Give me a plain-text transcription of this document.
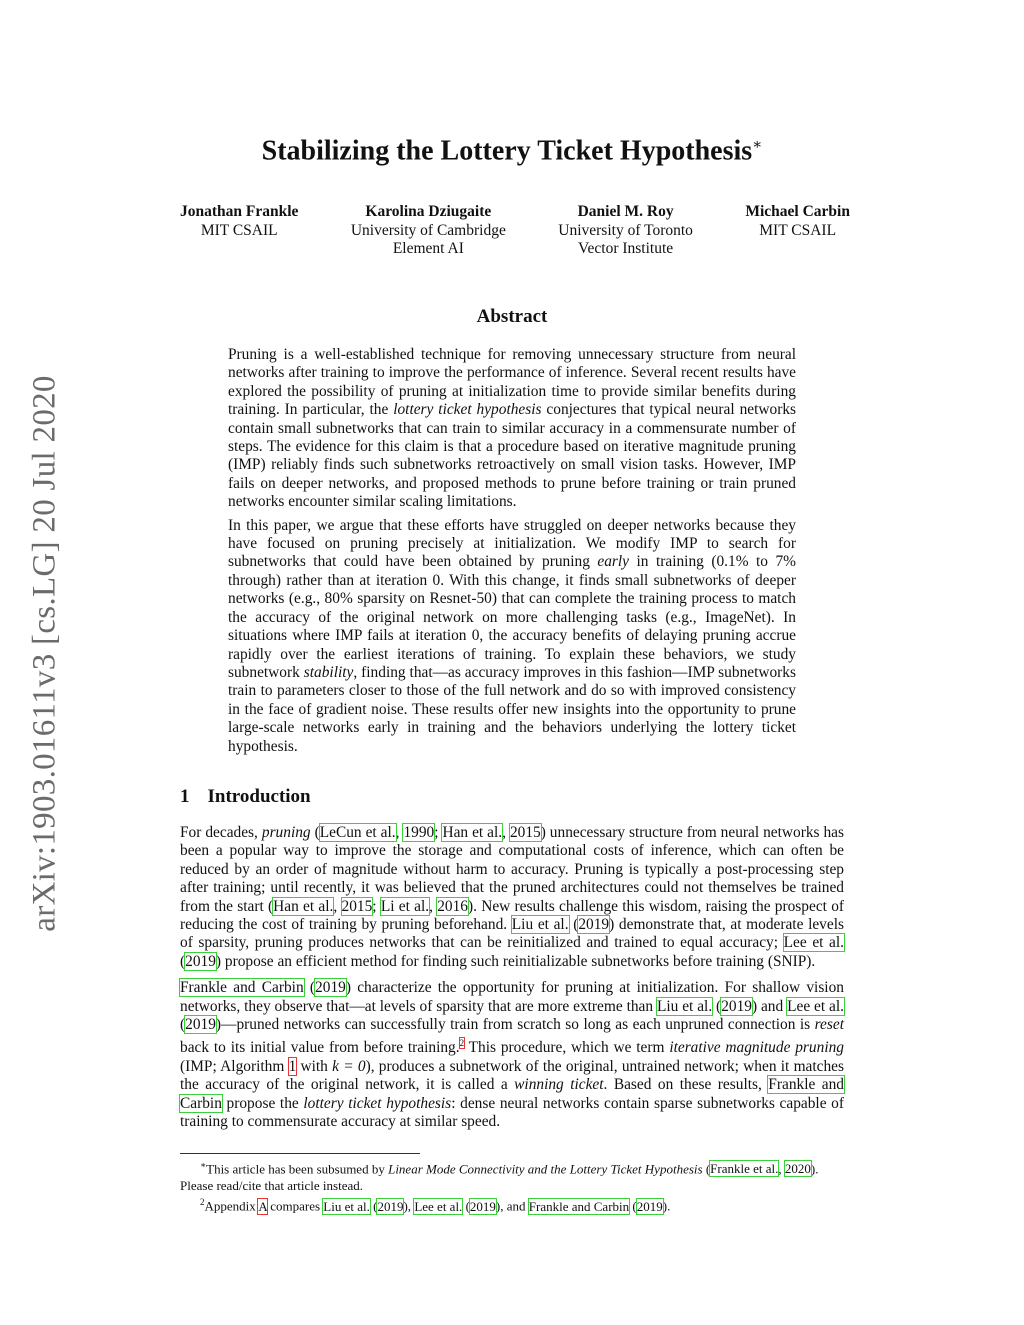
arXiv:1903.01611v3 [cs.LG] 20 Jul 2020
Stabilizing the Lottery Ticket Hypothesis∗
Jonathan Frankle
MIT CSAIL
Karolina Dziugaite
University of Cambridge
Element AI
Daniel M. Roy
University of Toronto
Vector Institute
Michael Carbin
MIT CSAIL
Abstract

Pruning is a well-established technique for removing unnecessary structure from neural networks after training to improve the performance of inference. Several recent results have explored the possibility of pruning at initialization time to provide similar benefits during training. In particular, the lottery ticket hypothesis conjectures that typical neural networks contain small subnetworks that can train to similar accuracy in a commensurate number of steps. The evidence for this claim is that a procedure based on iterative magnitude pruning (IMP) reliably finds such subnetworks retroactively on small vision tasks. However, IMP fails on deeper networks, and proposed methods to prune before training or train pruned networks encounter similar scaling limitations.

In this paper, we argue that these efforts have struggled on deeper networks because they have focused on pruning precisely at initialization. We modify IMP to search for subnetworks that could have been obtained by pruning early in training (0.1% to 7% through) rather than at iteration 0. With this change, it finds small subnetworks of deeper networks (e.g., 80% sparsity on Resnet-50) that can complete the training process to match the accuracy of the original network on more challenging tasks (e.g., ImageNet). In situations where IMP fails at iteration 0, the accuracy benefits of delaying pruning accrue rapidly over the earliest iterations of training. To explain these behaviors, we study subnetwork stability, finding that—as accuracy improves in this fashion—IMP subnetworks train to parameters closer to those of the full network and do so with improved consistency in the face of gradient noise. These results offer new insights into the opportunity to prune large-scale networks early in training and the behaviors underlying the lottery ticket hypothesis.

1 Introduction

For decades, pruning (LeCun et al., 1990; Han et al., 2015) unnecessary structure from neural networks has been a popular way to improve the storage and computational costs of inference, which can often be reduced by an order of magnitude without harm to accuracy. Pruning is typically a post-processing step after training; until recently, it was believed that the pruned architectures could not themselves be trained from the start (Han et al., 2015; Li et al., 2016). New results challenge this wisdom, raising the prospect of reducing the cost of training by pruning beforehand. Liu et al. (2019) demonstrate that, at moderate levels of sparsity, pruning produces networks that can be reinitialized and trained to equal accuracy; Lee et al. (2019) propose an efficient method for finding such reinitializable subnetworks before training (SNIP).

Frankle and Carbin (2019) characterize the opportunity for pruning at initialization. For shallow vision networks, they observe that—at levels of sparsity that are more extreme than Liu et al. (2019) and Lee et al. (2019)—pruned networks can successfully train from scratch so long as each unpruned connection is reset back to its initial value from before training.$^2$ This procedure, which we term iterative magnitude pruning (IMP; Algorithm 1 with k = 0), produces a subnetwork of the original, untrained network; when it matches the accuracy of the original network, it is called a winning ticket. Based on these results, Frankle and Carbin propose the lottery ticket hypothesis: dense neural networks contain sparse subnetworks capable of training to commensurate accuracy at similar speed.

∗This article has been subsumed by Linear Mode Connectivity and the Lottery Ticket Hypothesis (Frankle et al., 2020). Please read/cite that article instead.

$^2$Appendix A compares Liu et al. (2019), Lee et al. (2019), and Frankle and Carbin (2019).
